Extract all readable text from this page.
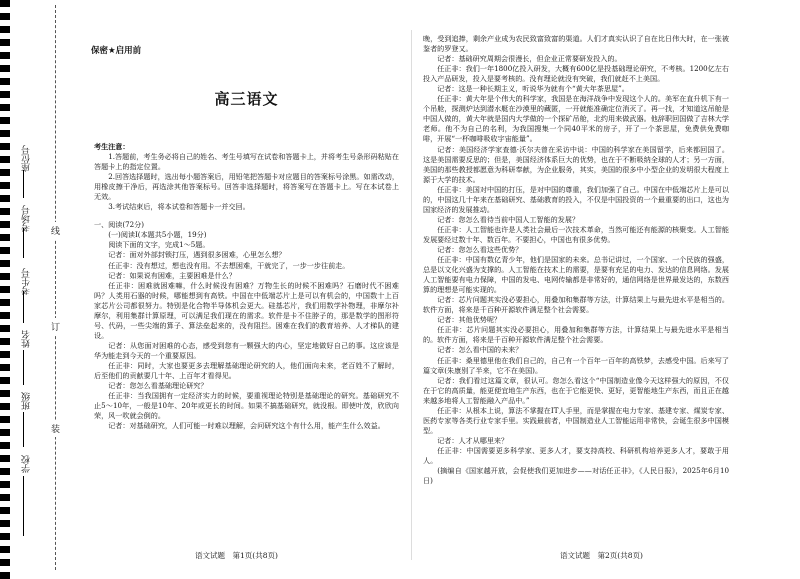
座位号
考场号
考生号
姓名
班级
学校
线
订
装
保密★启用前
高三语文

考生注意：

1.答题前，考生务必将自己的姓名、考生号填写在试卷和答题卡上，并将考生号条形码粘贴在答题卡上的指定位置。

2.回答选择题时，选出每小题答案后，用铅笔把答题卡对应题目的答案标号涂黑。如需改动，用橡皮擦干净后，再选涂其他答案标号。回答非选择题时，将答案写在答题卡上。写在本试卷上无效。

3.考试结束后，将本试卷和答题卡一并交回。

一、阅读(72分)

(一)阅读Ⅰ(本题共5小题，19分)

阅读下面的文字，完成1～5题。

记者：面对外部封锁打压，遇到很多困难，心里怎么想？

任正非：没有想过，想也没有用。不去想困难，干就完了，一步一步往前走。

记者：如果说有困难，主要困难是什么？

任正非：困难就困难嘛，什么时候没有困难？万物生长的时候不困难吗？石磨时代不困难吗？人类用石器的时候，哪能想到有高铁。中国在中低端芯片上是可以有机会的，中国数十上百家芯片公司都很努力。特别是化合物半导体机会更大。硅基芯片，我们用数学补物理，非摩尔补摩尔，利用集群计算原理，可以满足我们现在的需求。软件是卡不住脖子的，那是数学的图形符号、代码，一些尖端的算子、算法垒起来的，没有阻拦。困难在我们的教育培养、人才梯队的建设。

记者：从您面对困难的心态，感受到您有一颗强大的内心，坚定地做好自己的事。这应该是华为能走到今天的一个重要原因。

任正非：同时，大家也要更多去理解基础理论研究的人，他们面向未来，老百姓不了解时，后至他们的贡献要几十年、上百年才看得见。

记者：您怎么看基础理论研究？

任正非：当我国拥有一定经济实力的时候，要重视理论特别是基础理论的研究。基础研究不止5～10年，一般是10年、20年或更长的时间。如果不搞基础研究，就没根。即使叶茂，欣欣向荣，风一吹就会倒的。

记者：对基础研究，人们可能一时难以理解，会问研究这个有什么用，能产生什么效益。

晚，受到追捧，剩余产业成为农民致富致富的渠道。人们才真实认识了自在比日伟大时，在一张被鉴者的罗登又。

记者：基础研究周期会很漫长，但企业正常要研发投入的。

任正非：我们一年1800亿投入研发，大概有600亿是投基础理论研究，不考核。1200亿左右投入产品研发，投入是要考核的。没有理论就没有突破，我们就赶不上美国。

记者：这是一种长期主义，听说华为就有个“黄大年茶思屋”。

任正非：黄大年是个伟大的科学家，我国是在海洋战争中发现这个人的。美军在直升机下有一个吊舱，探测炉达到潜水艇在沙漠里的藏匿，一开就能准确定位消灭了。再一找，才知道这吊舱是中国人做的，黄大年就是国内大学做的一个探矿吊舱，北约用来做武器。他辞职回国做了吉林大学老师。他不为自己的名利，为我国搜集一个同40平米的房子，开了一个茶思屋，免费供免费咖啡，开展“一杯咖啡吸收宇宙能量”。

记者：美国经济学家查德·沃尔夫曾在采访中说：中国的科学家在美国留学，后来都回国了。这是美国需要反思的；但是，美国经济体系巨大的优势，也在于不断吸纳全球的人才；另一方面，美国的那些教授都愿意为科研奉献，为企业服务，其实，美国的很多中小型企业的发明很大程度上源于大学的技术。

任正非：美国对中国的打压，是对中国的尊重，我们加强了自己。中国在中低端芯片上是可以的，中国这几十年来在基础研究、基础教育的投入，不仅是中国投资的一个最重要的出口，这也为国家经济的发展推动。

记者：您怎么看待当前中国人工智能的发展？

任正非：人工智能也许是人类社会最后一次技术革命，当然可能还有能源的核聚变。人工智能发展要经过数十年、数百年。不要担心，中国也有很多优势。

记者：您怎么看这些优势？

任正非：中国有数亿青少年，他们是国家的未来。总书记讲过，一个国家、一个民族的强盛，总是以文化兴盛为支撑的。人工智能在技术上的需要，是要有充足的电力、发达的信息网络。发展人工智能要有电力保障，中国的发电、电网传输都是非常好的，通信网络是世界最发达的，东数西算的理想是可能实现的。

记者：芯片问题其实没必要担心，用叠加和集群等方法，计算结果上与最先进水平是相当的。软件方面，将来是千百种开源软件满足整个社会需要。

记者：其他优势呢？

任正非：芯片问题其实没必要担心，用叠加和集群等方法，计算结果上与最先进水平是相当的。软件方面，将来是千百种开源软件满足整个社会需要。

记者：怎么看中国的未来？

任正非：桑里德里他在我们自己的，自己有一个百年一百年的高铁梦，去感受中国。后来写了篇文章(朱康别了半来，它不在美国)。

记者：我们看过这篇文章，很认可。您怎么看这个“中国制造业像今天这样强大的原因，不仅在于它的高质量，能更便宜地生产东西，也在于它能更快、更好，更智能地生产东西，而且正在越来越多地将人工智能融入产品中。”

任正非：从根本上说，算法不掌握在IT人手里，而是掌握在电力专家、基建专家、煤炭专家、医药专家等各类行业专家手里。实践最前者，中国制造业人工智能运用非常快，会诞生很多中国模型。

记者：人才从哪里来？

任正非：中国需要更多科学家、更多人才，要支持高校、科研机构培养更多人才，要敢于用人。

(摘编自《国家越开放，会促使我们更加进步——对话任正非》，《人民日报》，2025年6月10日)

语文试题　第1页(共8页)	语文试题　第2页(共8页)
